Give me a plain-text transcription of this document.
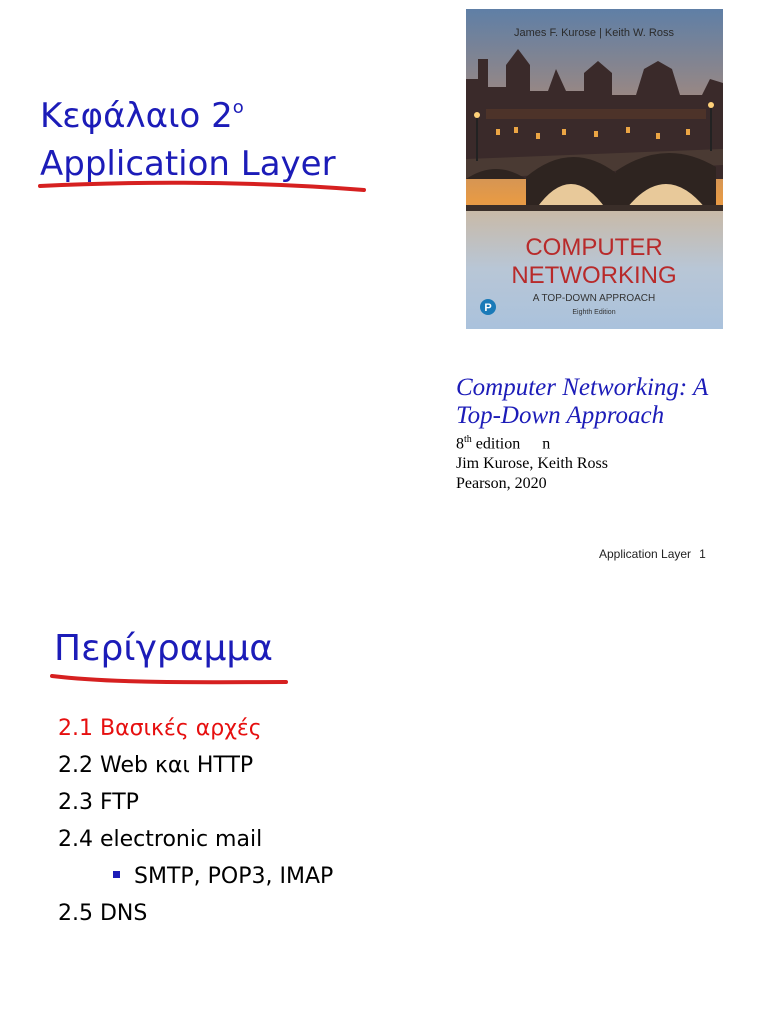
Κεφάλαιο $2^o$
Application Layer
James F. Kurose | Keith W. Ross
COMPUTER
NETWORKING
A TOP-DOWN APPROACH
Eighth Edition
P
Computer Networking: A
Top-Down Approach
8th edition n
Jim Kurose, Keith Ross
Pearson, 2020
Application Layer 1
Περίγραμμα
2.1 Βασικές αρχές
2.2 Web και HTTP
2.3 FTP
2.4 electronic mail
SMTP, POP3, IMAP
2.5 DNS
